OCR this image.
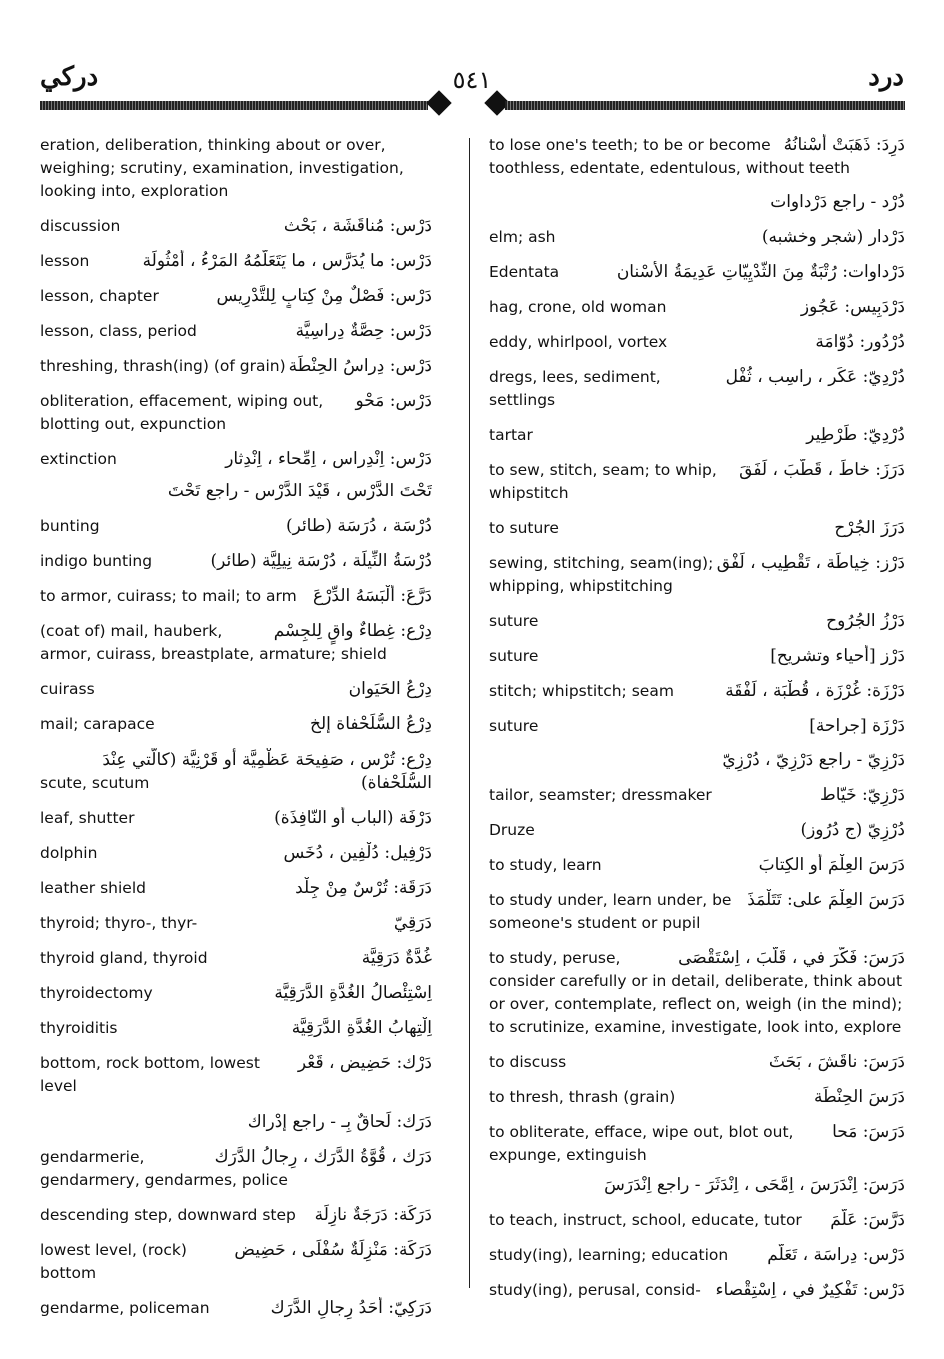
دركي	٥٤١	درد
eration, deliberation, thinking about or over, weighing; scrutiny, examination, investigation, looking into, exploration
دَرْس: مُناقَشَة ، بَحْث
discussion
دَرْس: ما يُدَرَّس ، ما يَتَعَلَّمُهُ المَرْءُ ، أُمْثُولَة
lesson
دَرْس: فَصْلٌ مِنْ كِتابٍ لِلتَّدْرِيس
lesson, chapter
دَرْس: حِصَّةٌ دِراسِيَّة
lesson, class, period
دَرْس: دِراسُ الحِنْطَة
threshing, thrash(ing) (of grain)
دَرْس: مَحْو
obliteration, effacement, wiping out, blotting out, expunction
دَرْس: اِنْدِراس ، اِمِّحاء ، اِنْدِثار
extinction
تَحْتَ الدَّرْس ، قَيْدَ الدَّرْس - راجع تَحْتَ
دُرْسَة ، دُرَسَة (طائر)
bunting
دُرْسَةُ النِّيلَة ، دُرْسَة نِيلِيَّة (طائر)
indigo bunting
دَرَّعَ: أَلْبَسَهُ الدِّرْعَ
to armor, cuirass; to mail; to arm
دِرْع: غِطاءٌ واقٍ لِلجِسْم
(coat of) mail, hauberk, armor, cuirass, breastplate, armature; shield
دِرْعُ الحَيَوان
cuirass
دِرْعُ السُّلَحْفاة إلخ
mail; carapace
دِرْع: تُرْس ، صَفِيحَة عَظْمِيَّة أو قَرْنِيَّة (كالّتي عِنْدَ
السُّلَحْفاة)
scute, scutum
دَرْفَة (الباب أو النّافِذَة)
leaf, shutter
دَرْفِيل: دُلْفِين ، دُخَس
dolphin
دَرَقَة: تُرْسٌ مِنْ جِلْد
leather shield
دَرَقِيّ
thyroid; thyro-, thyr-
غُدَّةٌ دَرَقِيَّة
thyroid gland, thyroid
اِسْتِئْصالُ الغُدَّةِ الدَّرَقِيَّة
thyroidectomy
اِلْتِهابُ الغُدَّةِ الدَّرَقِيَّة
thyroiditis
دَرْك: حَضِيض ، قَعْر
bottom, rock bottom, lowest level
دَرَك: لَحاقٌ بِـ - راجع إدْراك
دَرَك ، قُوَّةُ الدَّرَك ، رِجالُ الدَّرَك
gendarmerie, gendarmery, gendarmes, police
دَرَكَة: دَرَجَةٌ نازِلَة
descending step, downward step
دَرَكَة: مَنْزِلَةٌ سُفْلَى ، حَضِيض
lowest level, (rock) bottom
دَرَكِيّ: أَحَدُ رِجالِ الدَّرَك
gendarme, policeman
دَرِدَ: ذَهَبَتْ أَسْنانُهُ
to lose one's teeth; to be or become toothless, edentate, edentulous, without teeth
دُرْد - راجع دَرْداوات
دَرْدار (شجر وخشبه)
elm; ash
دَرْداوات: رُتْبَةٌ مِنَ الثَّدْيِيّاتِ عَدِيمَةُ الأَسْنان
Edentata
دَرْدَبِيس: عَجُوز
hag, crone, old woman
دُرْدُور: دُوّامَة
eddy, whirlpool, vortex
دُرْدِيّ: عَكَر ، راسِب ، ثُفْل
dregs, lees, sediment, settlings
دُرْدِيّ: طَرْطِير
tartar
دَرَزَ: خاطَ ، قَطَّبَ ، لَفَقَ
to sew, stitch, seam; to whip, whipstitch
دَرَزَ الجُرْح
to suture
دَرْز: خِياطَة ، تَقْطِيب ، لَفْق
sewing, stitching, seam(ing); whipping, whipstitching
دَرْزُ الجُرُوح
suture
دَرْز [أحياء وتشريح]
suture
دَرْزَة: غُرْزَة ، قُطْبَة ، لَفْقَة
stitch; whipstitch; seam
دَرْزَة [جراحة]
suture
دَرْزِيّ - راجع دَرْزِيّ ، دُرْزِيّ
دَرْزِيّ: خَيّاط
tailor, seamster; dressmaker
دُرْزِيّ (ج دُرُوز)
Druze
دَرَسَ العِلْمَ أو الكِتابَ
to study, learn
دَرَسَ العِلْمَ على: تَتَلْمَذَ
to study under, learn under, be someone's student or pupil
دَرَسَ: فَكَّرَ في ، قَلَّبَ ، اِسْتَقْصَى
to study, peruse, consider carefully or in detail, deliberate, think about or over, contemplate, reflect on, weigh (in the mind); to scrutinize, examine, investigate, look into, explore
دَرَسَ: ناقَشَ ، بَحَثَ
to discuss
دَرَسَ الحِنْطَة
to thresh, thrash (grain)
دَرَسَ: مَحا
to obliterate, efface, wipe out, blot out, expunge, extinguish
دَرَسَ: اِنْدَرَسَ ، اِمَّحَى ، اِنْدَثَرَ - راجع اِنْدَرَسَ
دَرَّسَ: عَلَّمَ
to teach, instruct, school, educate, tutor
دَرْس: دِراسَة ، تَعَلُّم
study(ing), learning; education
دَرْس: تَفْكِيرٌ في ، اِسْتِقْصاء
study(ing), perusal, consid-
